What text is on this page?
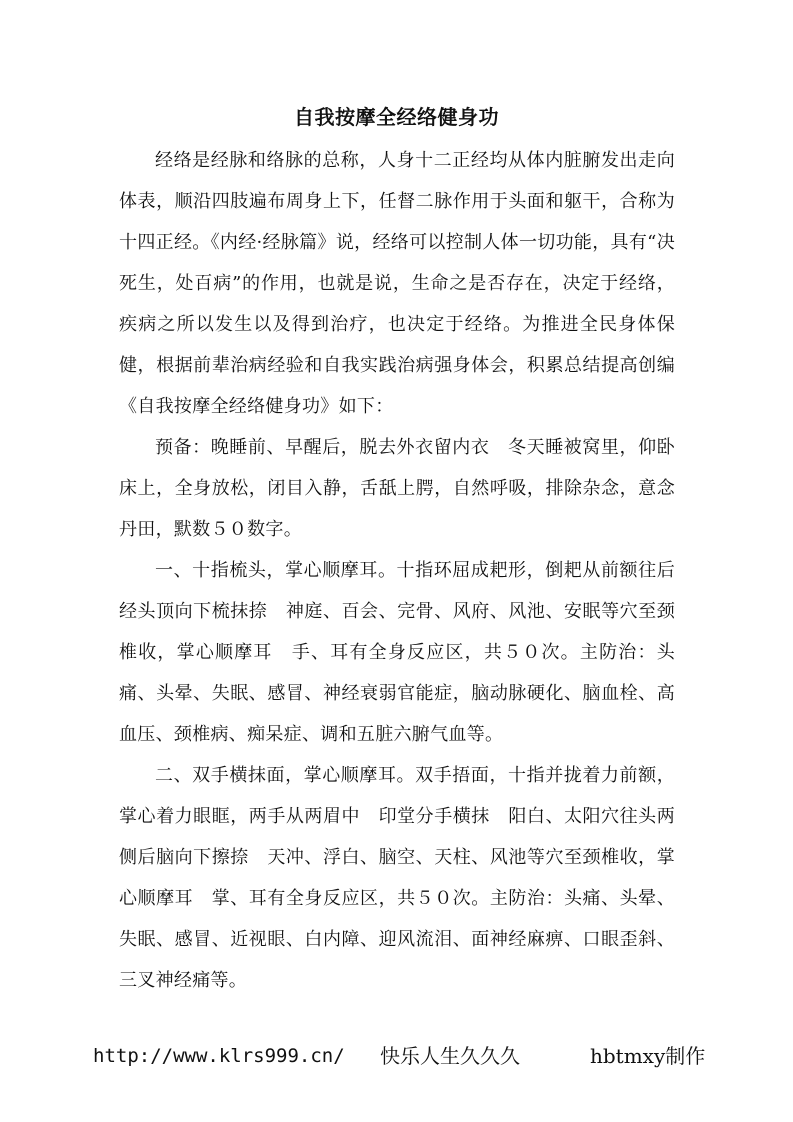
自我按摩全经络健身功

经络是经脉和络脉的总称，人身十二正经均从体内脏腑发出走向体表，顺沿四肢遍布周身上下，任督二脉作用于头面和躯干，合称为十四正经。《内经·经脉篇》说，经络可以控制人体一切功能，具有“决死生，处百病”的作用，也就是说，生命之是否存在，决定于经络，疾病之所以发生以及得到治疗，也决定于经络。为推进全民身体保健，根据前辈治病经验和自我实践治病强身体会，积累总结提高创编《自我按摩全经络健身功》如下：

预备：晚睡前、早醒后，脱去外衣留内衣　冬天睡被窝里，仰卧床上，全身放松，闭目入静，舌舐上腭，自然呼吸，排除杂念，意念丹田，默数５０数字。

一、十指梳头，掌心顺摩耳。十指环屈成耙形，倒耙从前额往后经头顶向下梳抹捺　神庭、百会、完骨、风府、风池、安眠等穴至颈椎收，掌心顺摩耳　手、耳有全身反应区，共５０次。主防治：头痛、头晕、失眠、感冒、神经衰弱官能症，脑动脉硬化、脑血栓、高血压、颈椎病、痴呆症、调和五脏六腑气血等。

二、双手横抹面，掌心顺摩耳。双手捂面，十指并拢着力前额，掌心着力眼眶，两手从两眉中　印堂分手横抹　阳白、太阳穴往头两侧后脑向下擦捺　天冲、浮白、脑空、天柱、风池等穴至颈椎收，掌心顺摩耳　掌、耳有全身反应区，共５０次。主防治：头痛、头晕、失眠、感冒、近视眼、白内障、迎风流泪、面神经麻痹、口眼歪斜、三叉神经痛等。

http://www.klrs999.cn/ 快乐人生久久久	hbtmxy制作
